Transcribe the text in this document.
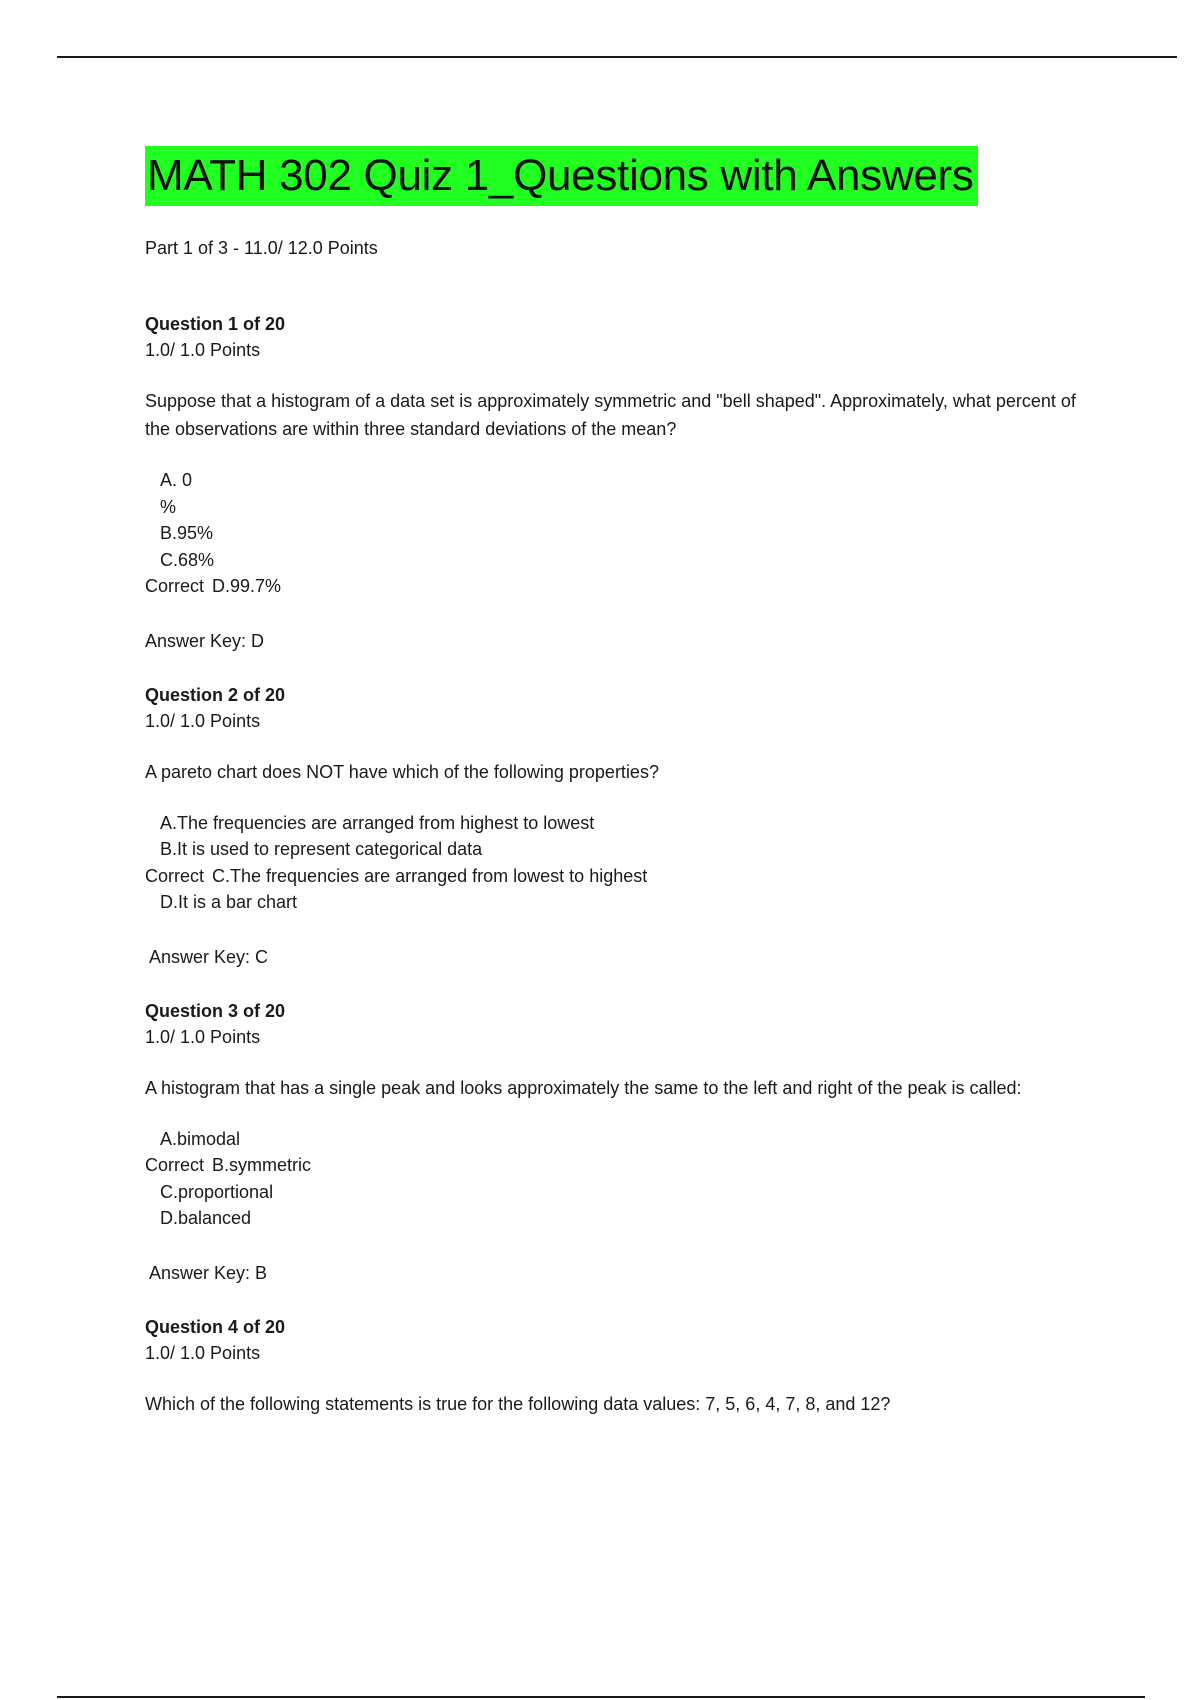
MATH 302 Quiz 1_Questions with Answers
Part 1 of 3 - 11.0/ 12.0 Points
Question 1 of 20
1.0/ 1.0 Points
Suppose that a histogram of a data set is approximately symmetric and "bell shaped". Approximately, what percent of the observations are within three standard deviations of the mean?
A. 0
%
B.95%
C.68%
Correct D.99.7%
Answer Key: D
Question 2 of 20
1.0/ 1.0 Points
A pareto chart does NOT have which of the following properties?
A.The frequencies are arranged from highest to lowest
B.It is used to represent categorical data
Correct C.The frequencies are arranged from lowest to highest
D.It is a bar chart
Answer Key: C
Question 3 of 20
1.0/ 1.0 Points
A histogram that has a single peak and looks approximately the same to the left and right of the peak is called:
A.bimodal
Correct B.symmetric
C.proportional
D.balanced
Answer Key: B
Question 4 of 20
1.0/ 1.0 Points
Which of the following statements is true for the following data values: 7, 5, 6, 4, 7, 8, and 12?
